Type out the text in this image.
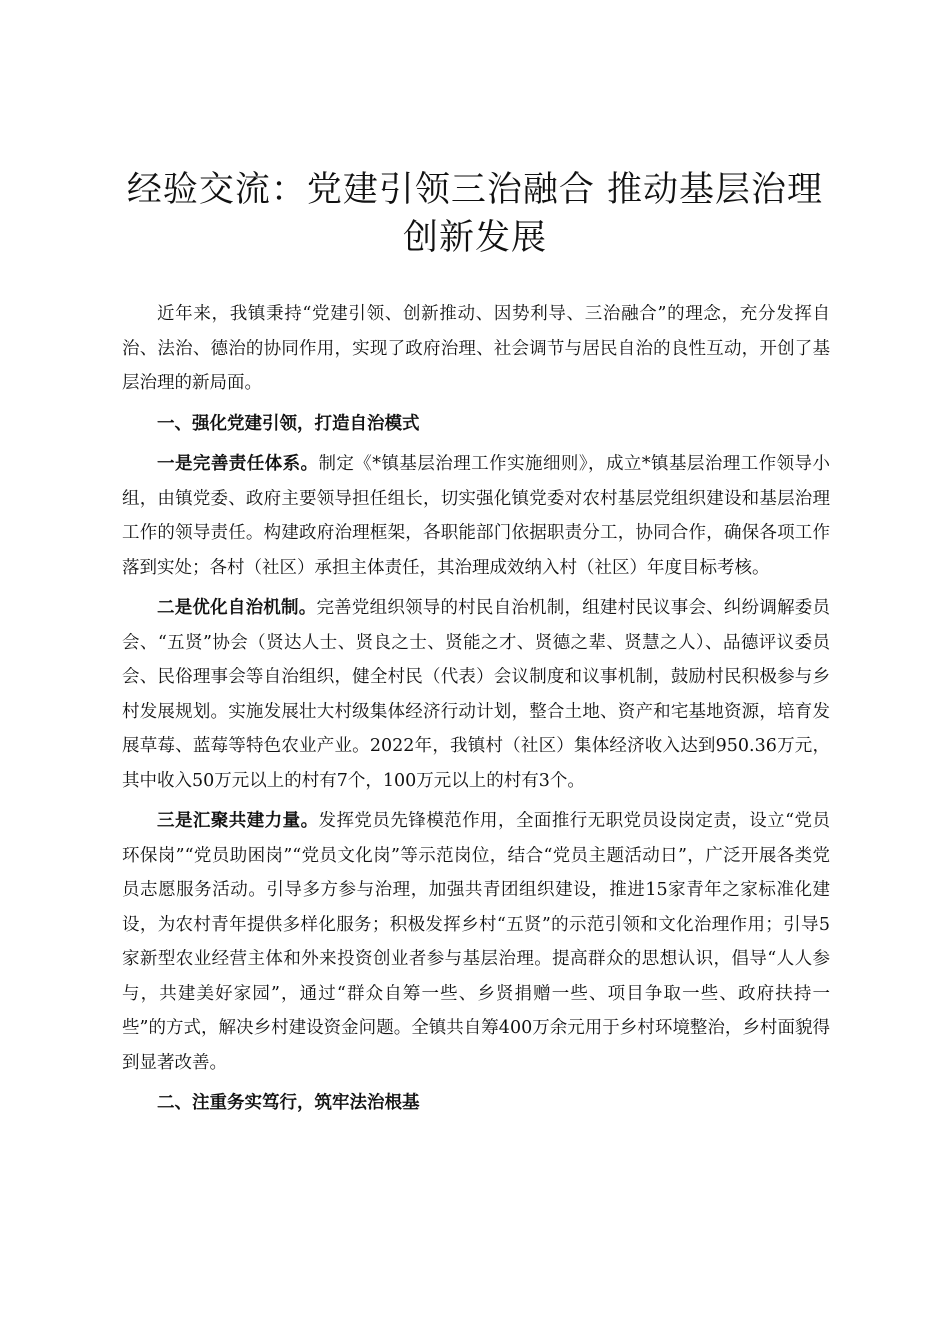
经验交流：党建引领三治融合 推动基层治理
创新发展

近年来，我镇秉持“党建引领、创新推动、因势利导、三治融合”的理念，充分发挥自治、法治、德治的协同作用，实现了政府治理、社会调节与居民自治的良性互动，开创了基层治理的新局面。

一、强化党建引领，打造自治模式

一是完善责任体系。制定《*镇基层治理工作实施细则》，成立*镇基层治理工作领导小组，由镇党委、政府主要领导担任组长，切实强化镇党委对农村基层党组织建设和基层治理工作的领导责任。构建政府治理框架，各职能部门依据职责分工，协同合作，确保各项工作落到实处；各村（社区）承担主体责任，其治理成效纳入村（社区）年度目标考核。

二是优化自治机制。完善党组织领导的村民自治机制，组建村民议事会、纠纷调解委员会、“五贤”协会（贤达人士、贤良之士、贤能之才、贤德之辈、贤慧之人）、品德评议委员会、民俗理事会等自治组织，健全村民（代表）会议制度和议事机制，鼓励村民积极参与乡村发展规划。实施发展壮大村级集体经济行动计划，整合土地、资产和宅基地资源，培育发展草莓、蓝莓等特色农业产业。2022年，我镇村（社区）集体经济收入达到950.36万元，其中收入50万元以上的村有7个，100万元以上的村有3个。

三是汇聚共建力量。发挥党员先锋模范作用，全面推行无职党员设岗定责，设立“党员环保岗”“党员助困岗”“党员文化岗”等示范岗位，结合“党员主题活动日”，广泛开展各类党员志愿服务活动。引导多方参与治理，加强共青团组织建设，推进15家青年之家标准化建设，为农村青年提供多样化服务；积极发挥乡村“五贤”的示范引领和文化治理作用；引导5家新型农业经营主体和外来投资创业者参与基层治理。提高群众的思想认识，倡导“人人参与，共建美好家园”，通过“群众自筹一些、乡贤捐赠一些、项目争取一些、政府扶持一些”的方式，解决乡村建设资金问题。全镇共自筹400万余元用于乡村环境整治，乡村面貌得到显著改善。

二、注重务实笃行，筑牢法治根基
